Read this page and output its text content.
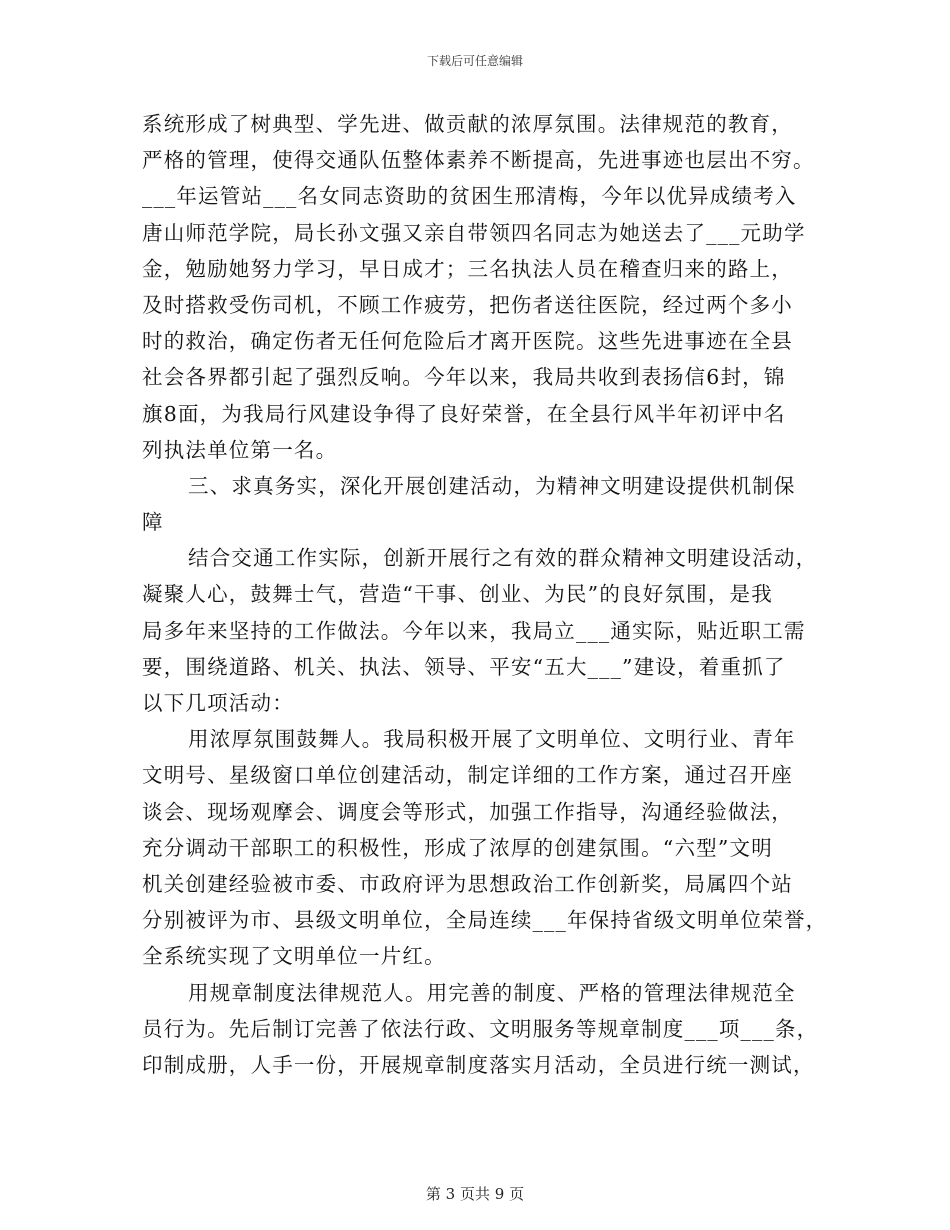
下载后可任意编辑
系统形成了树典型、学先进、做贡献的浓厚氛围。法律规范的教育，
严格的管理，使得交通队伍整体素养不断提高，先进事迹也层出不穷。
___年运管站___名女同志资助的贫困生邢清梅，今年以优异成绩考入
唐山师范学院，局长孙文强又亲自带领四名同志为她送去了___元助学
金，勉励她努力学习，早日成才；三名执法人员在稽查归来的路上，
及时搭救受伤司机，不顾工作疲劳，把伤者送往医院，经过两个多小
时的救治，确定伤者无任何危险后才离开医院。这些先进事迹在全县
社会各界都引起了强烈反响。今年以来，我局共收到表扬信6封，锦
旗8面，为我局行风建设争得了良好荣誉，在全县行风半年初评中名
列执法单位第一名。
三、求真务实，深化开展创建活动，为精神文明建设提供机制保
障
结合交通工作实际，创新开展行之有效的群众精神文明建设活动，
凝聚人心，鼓舞士气，营造“干事、创业、为民”的良好氛围，是我
局多年来坚持的工作做法。今年以来，我局立___通实际，贴近职工需
要，围绕道路、机关、执法、领导、平安“五大___”建设，着重抓了
以下几项活动：
用浓厚氛围鼓舞人。我局积极开展了文明单位、文明行业、青年
文明号、星级窗口单位创建活动，制定详细的工作方案，通过召开座
谈会、现场观摩会、调度会等形式，加强工作指导，沟通经验做法，
充分调动干部职工的积极性，形成了浓厚的创建氛围。“六型”文明
机关创建经验被市委、市政府评为思想政治工作创新奖，局属四个站
分别被评为市、县级文明单位，全局连续___年保持省级文明单位荣誉，
全系统实现了文明单位一片红。
用规章制度法律规范人。用完善的制度、严格的管理法律规范全
员行为。先后制订完善了依法行政、文明服务等规章制度___项___条，
印制成册，人手一份，开展规章制度落实月活动，全员进行统一测试，
第 3 页共 9 页
